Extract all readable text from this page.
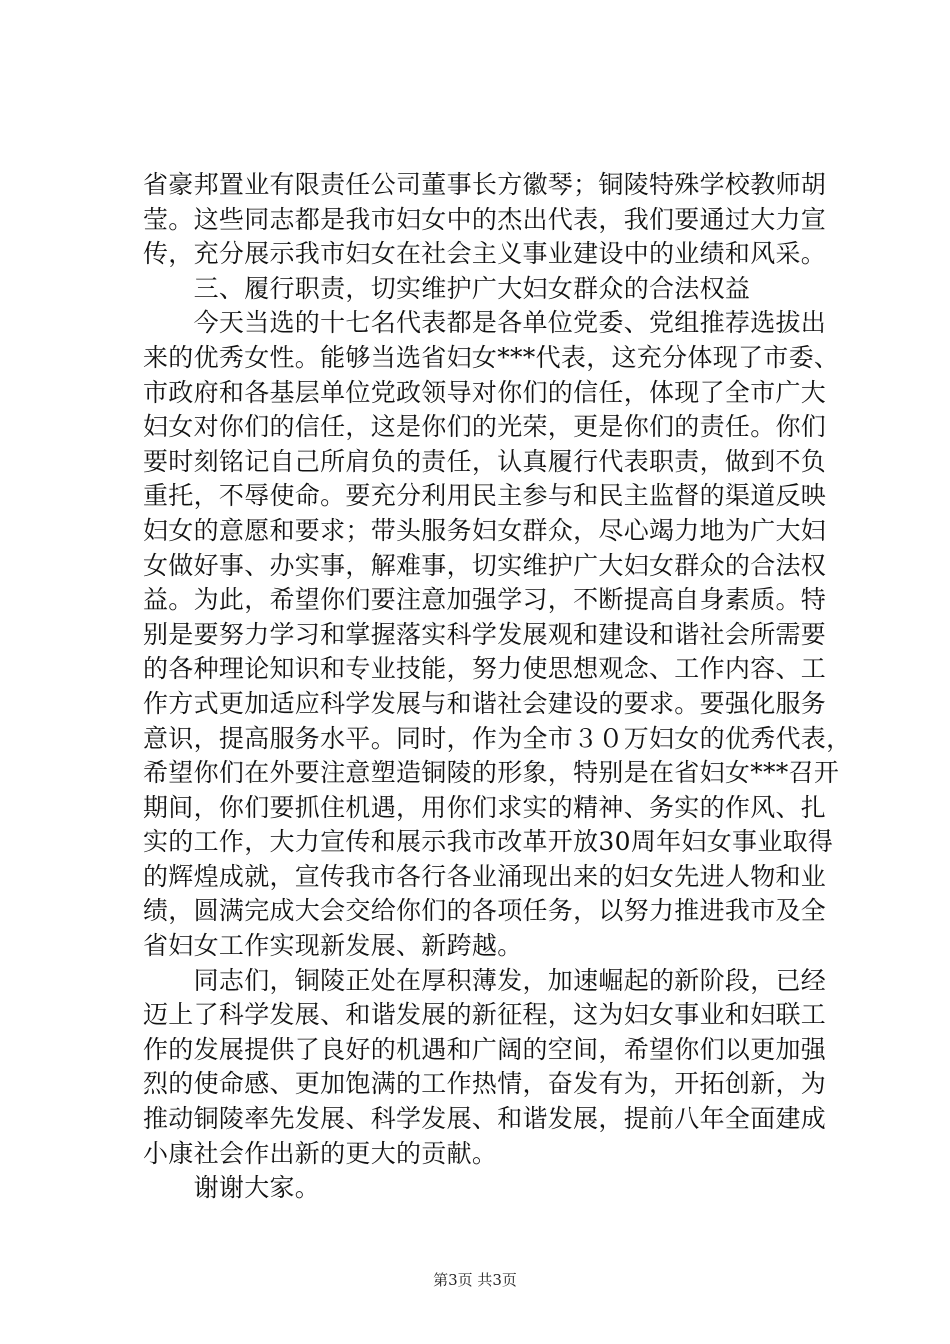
省豪邦置业有限责任公司董事长方徽琴；铜陵特殊学校教师胡
莹。这些同志都是我市妇女中的杰出代表，我们要通过大力宣
传，充分展示我市妇女在社会主义事业建设中的业绩和风采。
　　三、履行职责，切实维护广大妇女群众的合法权益
　　今天当选的十七名代表都是各单位党委、党组推荐选拔出
来的优秀女性。能够当选省妇女***代表，这充分体现了市委、
市政府和各基层单位党政领导对你们的信任，体现了全市广大
妇女对你们的信任，这是你们的光荣，更是你们的责任。你们
要时刻铭记自己所肩负的责任，认真履行代表职责，做到不负
重托，不辱使命。要充分利用民主参与和民主监督的渠道反映
妇女的意愿和要求；带头服务妇女群众，尽心竭力地为广大妇
女做好事、办实事，解难事，切实维护广大妇女群众的合法权
益。为此，希望你们要注意加强学习，不断提高自身素质。特
别是要努力学习和掌握落实科学发展观和建设和谐社会所需要
的各种理论知识和专业技能，努力使思想观念、工作内容、工
作方式更加适应科学发展与和谐社会建设的要求。要强化服务
意识，提高服务水平。同时，作为全市３０万妇女的优秀代表，
希望你们在外要注意塑造铜陵的形象，特别是在省妇女***召开
期间，你们要抓住机遇，用你们求实的精神、务实的作风、扎
实的工作，大力宣传和展示我市改革开放30周年妇女事业取得
的辉煌成就，宣传我市各行各业涌现出来的妇女先进人物和业
绩，圆满完成大会交给你们的各项任务，以努力推进我市及全
省妇女工作实现新发展、新跨越。
　　同志们，铜陵正处在厚积薄发，加速崛起的新阶段，已经
迈上了科学发展、和谐发展的新征程，这为妇女事业和妇联工
作的发展提供了良好的机遇和广阔的空间，希望你们以更加强
烈的使命感、更加饱满的工作热情，奋发有为，开拓创新，为
推动铜陵率先发展、科学发展、和谐发展，提前八年全面建成
小康社会作出新的更大的贡献。
　　谢谢大家。
第3页 共3页
